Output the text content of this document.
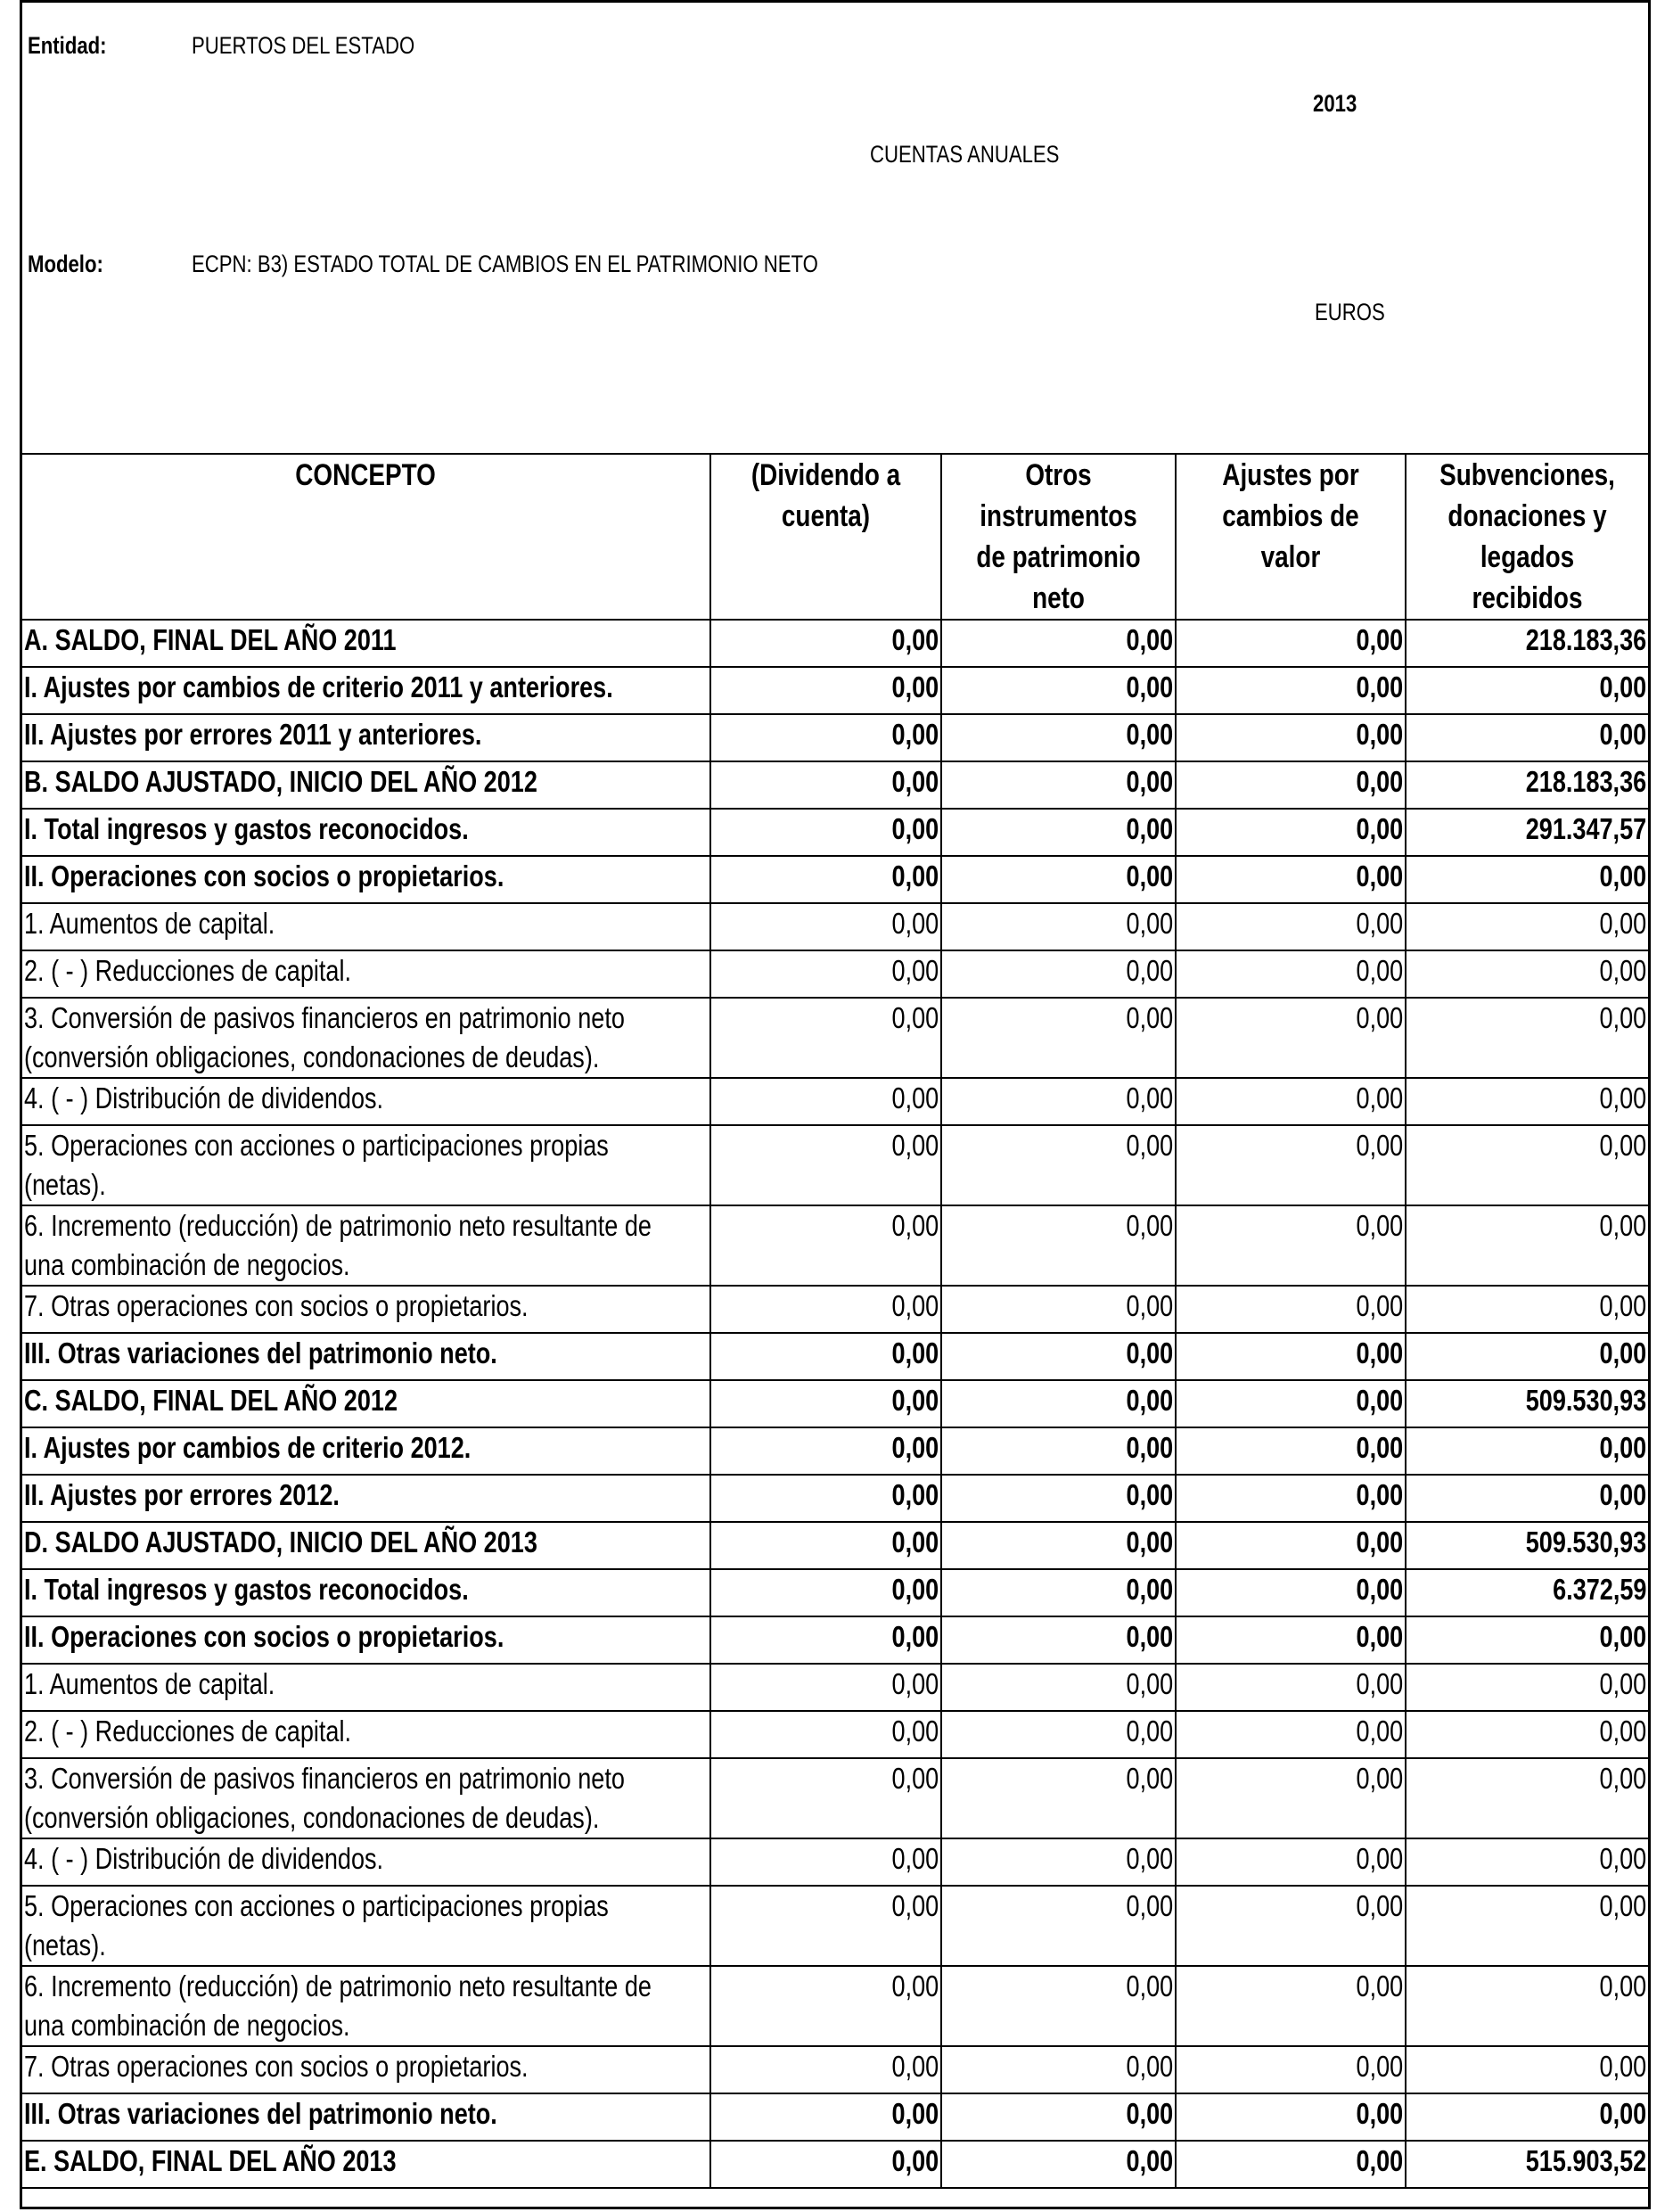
Entidad:	PUERTOS DEL ESTADO
2013
CUENTAS ANUALES
Modelo:	ECPN: B3) ESTADO TOTAL DE CAMBIOS EN EL PATRIMONIO NETO
EUROS
CONCEPTO	(Dividendo a cuenta)	Otros instrumentos de patrimonio neto	Ajustes por cambios de valor	Subvenciones, donaciones y legados recibidos
A. SALDO, FINAL DEL AÑO 2011	0,00	0,00	0,00	218.183,36
I. Ajustes por cambios de criterio 2011 y anteriores.	0,00	0,00	0,00	0,00
II. Ajustes por errores 2011 y anteriores.	0,00	0,00	0,00	0,00
B. SALDO AJUSTADO, INICIO DEL AÑO 2012	0,00	0,00	0,00	218.183,36
I. Total ingresos y gastos reconocidos.	0,00	0,00	0,00	291.347,57
II. Operaciones con socios o propietarios.	0,00	0,00	0,00	0,00
1. Aumentos de capital.	0,00	0,00	0,00	0,00
2. ( - ) Reducciones de capital.	0,00	0,00	0,00	0,00
3. Conversión de pasivos financieros en patrimonio neto
(conversión obligaciones, condonaciones de deudas).	0,00	0,00	0,00	0,00
4. ( - ) Distribución de dividendos.	0,00	0,00	0,00	0,00
5. Operaciones con acciones o participaciones propias
(netas).	0,00	0,00	0,00	0,00
6. Incremento (reducción) de patrimonio neto resultante de
una combinación de negocios.	0,00	0,00	0,00	0,00
7. Otras operaciones con socios o propietarios.	0,00	0,00	0,00	0,00
III. Otras variaciones del patrimonio neto.	0,00	0,00	0,00	0,00
C. SALDO, FINAL DEL AÑO 2012	0,00	0,00	0,00	509.530,93
I. Ajustes por cambios de criterio 2012.	0,00	0,00	0,00	0,00
II. Ajustes por errores 2012.	0,00	0,00	0,00	0,00
D. SALDO AJUSTADO, INICIO DEL AÑO 2013	0,00	0,00	0,00	509.530,93
I. Total ingresos y gastos reconocidos.	0,00	0,00	0,00	6.372,59
II. Operaciones con socios o propietarios.	0,00	0,00	0,00	0,00
1. Aumentos de capital.	0,00	0,00	0,00	0,00
2. ( - ) Reducciones de capital.	0,00	0,00	0,00	0,00
3. Conversión de pasivos financieros en patrimonio neto
(conversión obligaciones, condonaciones de deudas).	0,00	0,00	0,00	0,00
4. ( - ) Distribución de dividendos.	0,00	0,00	0,00	0,00
5. Operaciones con acciones o participaciones propias
(netas).	0,00	0,00	0,00	0,00
6. Incremento (reducción) de patrimonio neto resultante de
una combinación de negocios.	0,00	0,00	0,00	0,00
7. Otras operaciones con socios o propietarios.	0,00	0,00	0,00	0,00
III. Otras variaciones del patrimonio neto.	0,00	0,00	0,00	0,00
E. SALDO, FINAL DEL AÑO 2013	0,00	0,00	0,00	515.903,52
